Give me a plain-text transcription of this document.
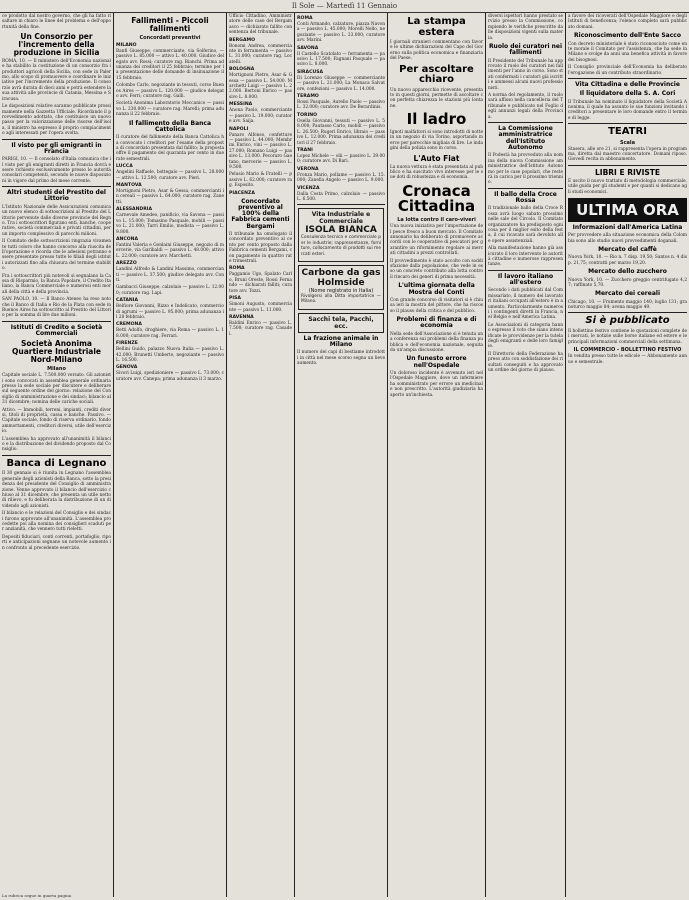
Il Sole — Martedì 11 Gennaio

ce prodotto dal nostro governo, che gli ha fatto risaltare in chiaro le linee del problema e dell'opportunità della fine.

Un Consorzio per l'incremento della produzione in Sicilia

ROMA, 10. — Il ministero dell'Economia nazionale ha stabilito la costituzione di un consorzio fra i produttori agricoli della Sicilia, con sede in Palermo, allo scopo di promuovere e coordinare le iniziative per l'incremento della produzione. Il consorzio avrà durata di dieci anni e potrà estendere la sua attività alle provincie di Catania, Messina e Siracusa.

Le disposizioni relative saranno pubblicate prossimamente nella Gazzetta Ufficiale. Ricordando il provvedimento adottato, che costituisce un nuovo passo per la valorizzazione delle risorse dell'isola, il ministro ha espresso il proprio compiacimento agli interessati per l'opera svolta.

Il visto per gli emigranti in Francia

PARIGI, 10. — Il consolato d'Italia comunica che il visto per gli emigranti diretti in Francia dovrà essere richiesto esclusivamente presso le autorità consolari competenti, secondo le nuove disposizioni in vigore dal primo del mese corrente.

Altri studenti del Prestito del Littorio

L'Istituto Nazionale delle Assicurazioni comunica un nuovo elenco di sottoscrizioni al Prestito del Littorio pervenute dalle diverse provincie del Regno. Tra i sottoscrittori figurano enti, banche, cooperative, società commerciali e privati cittadini, per un importo complessivo di parecchi milioni.

Il Comitato delle sottoscrizioni ringrazia vivamente tutti coloro che hanno concorso alla riuscita dell'operazione e ricorda che le adesioni potranno essere presentate presso tutte le filiali degli istituti autorizzati fino alla chiusura del termine stabilito.

Fra i sottoscrittori più notevoli si segnalano la Cassa di Risparmio, la Banca Popolare, il Credito Italiano, la Banca Commerciale e numerosi enti morali della città e della provincia.

SAN PAOLO, 10. — Il Banco Ateneo ha reso noto che il Banco di Italia e Rio de la Plata con sede in Buenos Aires ha sottoscritto al Prestito del Littorio per la somma di lire due milioni.

Istituti di Credito e Società Commerciali
Società Anonima Quartiere Industriale Nord-Milano
Milano

Capitale sociale L. 7.500.000 versato. Gli azionisti sono convocati in assemblea generale ordinaria presso la sede sociale per discutere e deliberare sul seguente ordine del giorno: relazione del Consiglio di amministrazione e dei sindaci; bilancio al 31 dicembre; nomina delle cariche sociali.

Attivo. — Immobili, terreni, impianti, crediti diversi, titoli di proprietà, cassa e banche. Passivo. — Capitale sociale, fondo di riserva ordinario, fondo ammortamenti, creditori diversi, utile dell'esercizio.

L'assemblea ha approvato all'unanimità il bilancio e la distribuzione del dividendo proposto dal Consiglio.

Banca di Legnano

Il 30 gennaio si è riunita in Legnano l'assemblea generale degli azionisti della Banca, sotto la presidenza del presidente del Consiglio di amministrazione. Venne approvato il bilancio dell'esercizio chiuso al 31 dicembre, che presenta un utile netto di rilievo, e fu deliberata la distribuzione di un dividendo agli azionisti.

Il bilancio e le relazioni del Consiglio e dei sindaci furono approvate all'unanimità. L'assemblea procedette poi alla nomina dei consiglieri scaduti per anzianità, che vennero tutti rieletti.

Depositi fiduciari, conti correnti, portafoglio, riporti e anticipazioni segnano un notevole aumento in confronto al precedente esercizio.

Fallimenti - Piccoli fallimenti
Concordati preventivi
MILANO

Banfi Giuseppe, commerciante, via Solferino, — passivo L. 85.000 — attivo L. 40.000. Giudice delegato avv. Rossi; curatore rag. Bianchi. Prima adunanza dei creditori il 25 febbraio; termine per la presentazione delle domande di insinuazione il 15 febbraio.

Colombo Carlo, negoziante in tessuti, corso Buenos Aires — passivo L. 120.000 — giudice delegato avv. Ferri; curatore rag. Galli.

Società Anonima Laboratorio Meccanico — passivo L. 230.000 — curatore rag. Marelli; prima adunanza il 22 febbraio.

Il fallimento della Banca Cattolica

Il curatore del fallimento della Banca Cattolica ha convocato i creditori per l'esame della proposta di concordato presentata dal fallito; la proposta offre il pagamento del quaranta per cento in due rate semestrali.

LUCCA

Angelini Raffaele, bottegaio — passivo L. 28.000 — attivo L. 12.500; curatore avv. Pieri.

MANTOVA

Mortignoni Pietro, Asar & Gessa, commercianti in cereali — passivo L. 64.000; curatore rag. Zanetti.

ALESSANDRIA

Carnevale Amedeo, panificio, via Savona — passivo L. 15.000; Tomasino Pasquale, mobili — passivo L. 21.000; Tarri Emilio, modista — passivo L. 9.800.

ANCONA

Fantini Valeria e Gonlaini Giuseppe, negozio di mercerie, via Garibaldi — passivo L. 48.000; attivo L. 22.000; curatore avv. Marchetti.

AREZZO

Landini Alfredo & Landini Massimo, commercianti — passivo L. 37.500; giudice delegato avv. Conti.

Gambacci Giuseppe, calzolaio — passivo L. 12.000; curatore rag. Lapi.

CATANIA

Belfiore Giovanni, Rizzo e Indelicato, commercio di agrumi — passivo L. 95.000; prima adunanza il 28 febbraio.

CREMONA

Betti Adolfo, droghiere, via Roma — passivo L. 18.000; curatore rag. Ferrari.

FIRENZE

Bellini Guido, palazzo Nuova Italia — passivo L. 42.000; Brunetti Umberto, negoziante — passivo L. 16.500.

GENOVA

Sivori Luigi, spedizioniere — passivo L. 73.000; curatore avv. Canepa; prima adunanza il 3 marzo.

Ufficio Cittadino, Amministratore delle case del Bergamasco — dichiarato fallito con sentenza del tribunale.

BERGAMO

Bonomi Andrea, commerciante in ferramenta — passivo L. 31.000; curatore rag. Locatelli.

BOLOGNA

Mortignoni Pietro, Asar & Gessa — passivo L. 54.000. Marchetti Luigi — passivo L. 22.000. Bertoni Enrico — passivo L. 8.000.

MESSINA

Anona Paolo, commerciante — passivo L. 19.000; curatore avv. Saija.

NAPOLI

Panaro Alfonso, confetture — passivo L. 44.000; Membrini Enrico, vini — passivo L. 27.000; Romano Luigi — passivo L. 13.000. Pecoraro Gaetano, mercerie — passivo L. 9.500.

Pelusio Mario & Fratelli — passivo L. 62.000; curatore rag. Esposito.

PIACENZA
Concordato preventivo al 100% della Fabbrica cementi Bergami

Il tribunale ha omologato il concordato preventivo al cento per cento proposto dalla Fabbrica cementi Bergami, con pagamento in quattro rate trimestrali.

ROMA

Paggamio Ugo, Spalato Carlo, Bruni Oreste, Rossi Fernando — dichiarati falliti; curatore avv. Tozzi.

PISA

Simoni Augusto, commerciante — passivo L. 11.000.

RAVENNA

Baldini Enrico — passivo L. 7.500; curatore rag. Casadei.

ROMA

Conti Armando, calzature, piazza Navona — passivo L. 45.000; Morelli Nello, negoziante — passivo L. 23.000; curatore avv. Marini.

SAVONA

Il Castello Scatolato — ferramenta — passivo L. 17.500; Fagnani Pasquale — passivo L. 8.000.

SIRACUSA

Di Lorenzo Giuseppe — commerciante — passivo L. 21.000; La Monaca Salvatore, confezioni — passivo L. 14.000.

TERAMO

Rossi Pasquale, Aurelio Paolo — passivo L. 32.000; curatore avv. De Berardinis.

TORINO

Osella Giovanni, tessuti — passivo L. 58.000; Pautasso Carlo, mobili — passivo L. 26.500; Rugeri Enrico, libraio — passivo L. 12.000. Prima adunanza dei creditori il 27 febbraio.

TRANI

Lopez Michele — olii — passivo L. 39.000; curatore avv. Di Bari.

VERONA

Fronza Mario, pollame — passivo L. 15.000; Zanella Angelo — passivo L. 9.000.

VICENZA

Dalla Costa Primo, calzolaio — passivo L. 6.500.

Vita Industriale e Commerciale
ISOLA BIANCA

Consulenza tecnica e commerciale per le industrie; rappresentanze, forniture, collocamento di prodotti sui mercati esteri.

Carbone da gas Holmside
(Nome registrato in Italia)

Rivolgersi alla Ditta importatrice — Milano.

Sacchi tela, Pacchi, ecc.
La frazione animale in Milano

Il numero dei capi di bestiame introdotti in città nel mese scorso segna un lieve aumento.

La stampa estera

I giornali stranieri commentano con favore le ultime dichiarazioni del Capo del Governo sulla politica economica e finanziaria del Paese.

Per ascoltare chiaro

Un nuovo apparecchio ricevente, presentato in questi giorni, permette di ascoltare con perfetta chiarezza le stazioni più lontane.

Il ladro

Ignoti malfattori si sono introdotti di notte in un negozio di via Torino, asportando merce per parecchie migliaia di lire. Le indagini della polizia sono in corso.

L'Auto Fiat

La nuova vettura è stata presentata al pubblico e ha suscitato vivo interesse per le sue doti di robustezza e di economia.

Cronaca Cittadina
La lotta contro il caro-viveri

Una nuova iniziativa per l'importazione del pesce fresco a buon mercato. Il Comitato annonario ha deliberato di promuovere accordi con le cooperative di pescatori per garantire un rifornimento regolare ai mercati cittadini a prezzi controllati.

Il provvedimento è stato accolto con soddisfazione dalla popolazione, che vede in esso un concreto contributo alla lotta contro il rincaro dei generi di prima necessità.

L'ultima giornata della Mostra del Conti

Con grande concorso di visitatori si è chiusa ieri la mostra del pittore, che ha riscosso il plauso della critica e del pubblico.

Problemi di finanza e di economia

Nella sede dell'Associazione si è tenuta una conferenza sui problemi della finanza pubblica e dell'economia nazionale, seguita da un'ampia discussione.

Un funesto errore nell'Ospedale

Un doloroso incidente è avvenuto ieri nell'Ospedale Maggiore, dove un infermiere ha somministrato per errore un medicinale non prescritto. L'autorità giudiziaria ha aperto un'inchiesta.

diversi ispettori hanno prestato servizio presso la Commissione, compiendo le verifiche prescritte dalle disposizioni vigenti sulla materia.

Ruolo dei curatori nei fallimenti

Il Presidente del Tribunale ha approvato il ruolo dei curatori nei fallimenti per l'anno in corso. Sono stati confermati i curatori già iscritti e ammessi alcuni nuovi professionisti.

A norma del regolamento, il ruolo sarà affisso nella cancelleria del Tribunale e pubblicato nel Foglio degli annunzi legali della Provincia.

La Commissione amministratrice dell'Istituto Autonomo

Il Podestà ha provveduto alla nomina della nuova Commissione amministratrice dell'Istituto Autonomo per le case popolari, che resterà in carica per il prossimo triennio.

Il ballo della Croce Rossa

Il tradizionale ballo della Croce Rossa avrà luogo sabato prossimo nelle sale del Circolo. Il Comitato organizzatore ha predisposto ogni cosa per il miglior esito della festa, il cui ricavato sarà devoluto alle opere assistenziali.

Alla manifestazione hanno già assicurato il loro intervento le autorità cittadine e numerose rappresentanze.

Il lavoro italiano all'estero

Secondo i dati pubblicati dal Commissariato, il numero dei lavoratori italiani occupati all'estero è in aumento. Particolarmente numerosi i contingenti diretti in Francia, nel Belgio e nell'America Latina.

Le Associazioni di categoria hanno espresso il voto che siano intensificate le provvidenze per la tutela degli emigranti e delle loro famiglie.

Il Direttorio della Federazione ha preso atto con soddisfazione dei risultati conseguiti e ha approvato un ordine del giorno di plauso.

a favore dei ricoverati dell'Ospedale Maggiore e degli Istituti di beneficenza; l'elenco completo sarà pubblicato domani.

Riconoscimento dell'Ente Sacco

Con decreto ministeriale è stato riconosciuto come ente morale il Comitato per l'assistenza, che ha sede in Milano e svolge da anni una benefica attività in favore dei bisognosi.

Il Consiglio provinciale dell'Economia ha deliberato l'erogazione di un contributo straordinario.

Vita Cittadina e delle Provincie
Il liquidatore della S. A. Cori

Il Tribunale ha nominato il liquidatore della Società Anonima, il quale ha assunto le sue funzioni invitando i creditori a presentare le loro domande entro il termine di legge.

TEATRI
Scala

Stasera, alle ore 21, si rappresenta l'opera in programma, diretta dal maestro concertatore. Domani riposo. Giovedì recita in abbonamento.

LIBRI E RIVISTE

È uscito il nuovo trattato di metodologia commerciale, utile guida per gli studenti e per quanti si dedicano agli studi economici.

ULTIMA ORA
Informazioni dall'America Latina

Per provvedere alla situazione economica della Colombia sono allo studio nuovi provvedimenti doganali.

Mercato del caffè

Nuova York, 10. — Rio n. 7 disp. 19,50; Santos n. 4 disp. 21,75; contratti per marzo 19,20.

Mercato dello zucchero

Nuova York, 10. — Zucchero greggio centrifugato 4,27; raffinato 5,70.

Mercato dei cereali

Chicago, 10. — Frumento maggio 140; luglio 131; granoturco maggio 84; avena maggio 49.

Si è pubblicato

Il bollettino festivo contiene le quotazioni complete dei mercati, le notizie sulle borse italiane ed estere e le principali informazioni commerciali della settimana.

IL COMMERCIO - BOLLETTINO FESTIVO

In vendita presso tutte le edicole — Abbonamento annuo e semestrale.

La rubrica segue in quarta pagina
